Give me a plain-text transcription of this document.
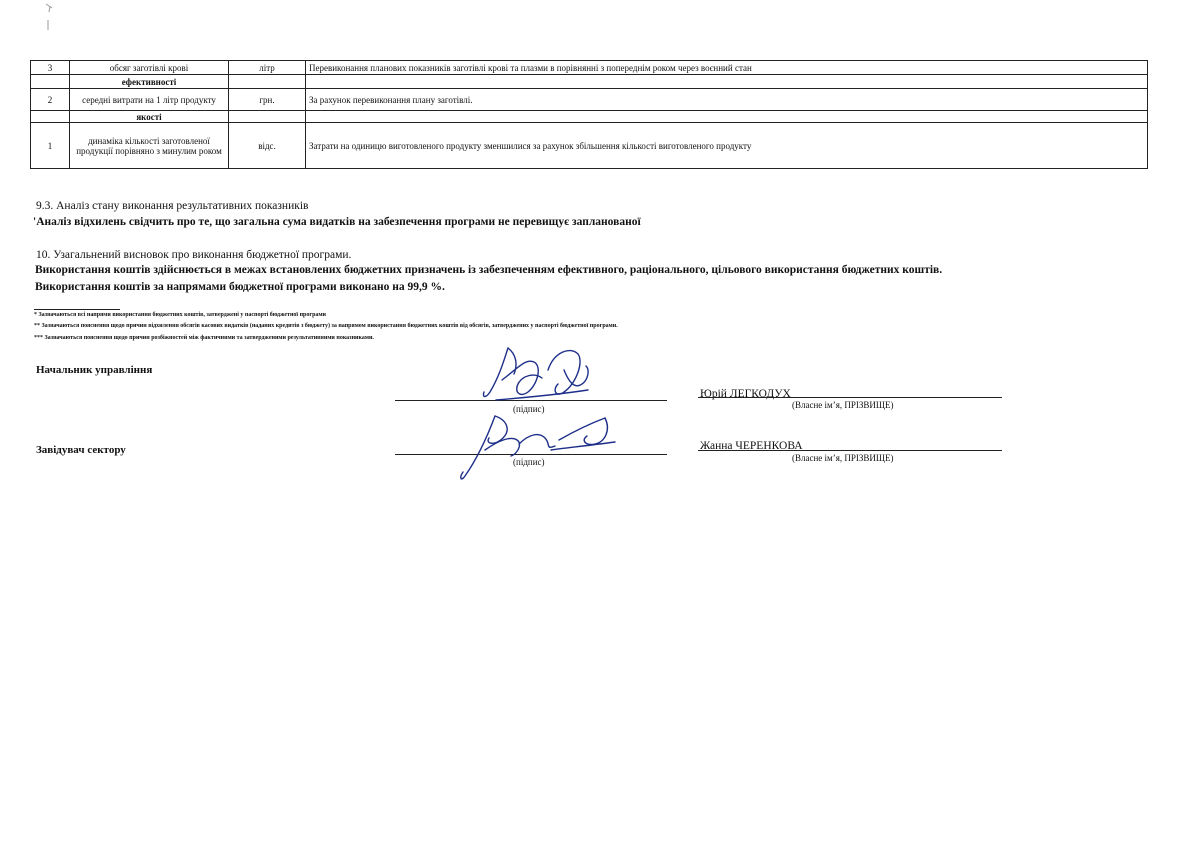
3	обсяг заготівлі крові	літр	Перевиконання планових показників заготівлі крові та плазми в порівнянні з попереднім роком через воєнний стан
	ефективності		
2	середні витрати на 1 літр продукту	грн.	За рахунок перевиконання плану заготівлі.
	якості		
1	динаміка кількості заготовленої продукції порівняно з минулим роком	відс.	Затрати на одиницю виготовленого продукту зменшилися за рахунок збільшення кількості виготовленого продукту
9.3. Аналіз стану виконання результативних показників
'Аналіз відхилень свідчить про те, що загальна сума видатків на забезпечення програми не перевищує запланованої
10. Узагальнений висновок про виконання бюджетної програми.
Використання коштів здійснюється в межах встановлених бюджетних призначень із забезпеченням ефективного, раціонального, цільового використання бюджетних коштів.
Використання коштів за напрямами бюджетної програми виконано на 99,9 %.
* Зазначаються всі напрями використання бюджетних коштів, затверджені у паспорті бюджетної програми
** Зазначаються пояснення щодо причин відхилення обсягів касових видатків (наданих кредитів з бюджету) за напрямом використання бюджетних коштів від обсягів, затверджених у паспорті бюджетної програми.
*** Зазначаються пояснення щодо причин розбіжностей між фактичними та затвердженими результативними показниками.
Начальник управління
(підпис)
Юрій ЛЕГКОДУХ
(Власне ім’я, ПРІЗВИЩЕ)
Завідувач сектору
(підпис)
Жанна ЧЕРЕНКОВА
(Власне ім’я, ПРІЗВИЩЕ)
